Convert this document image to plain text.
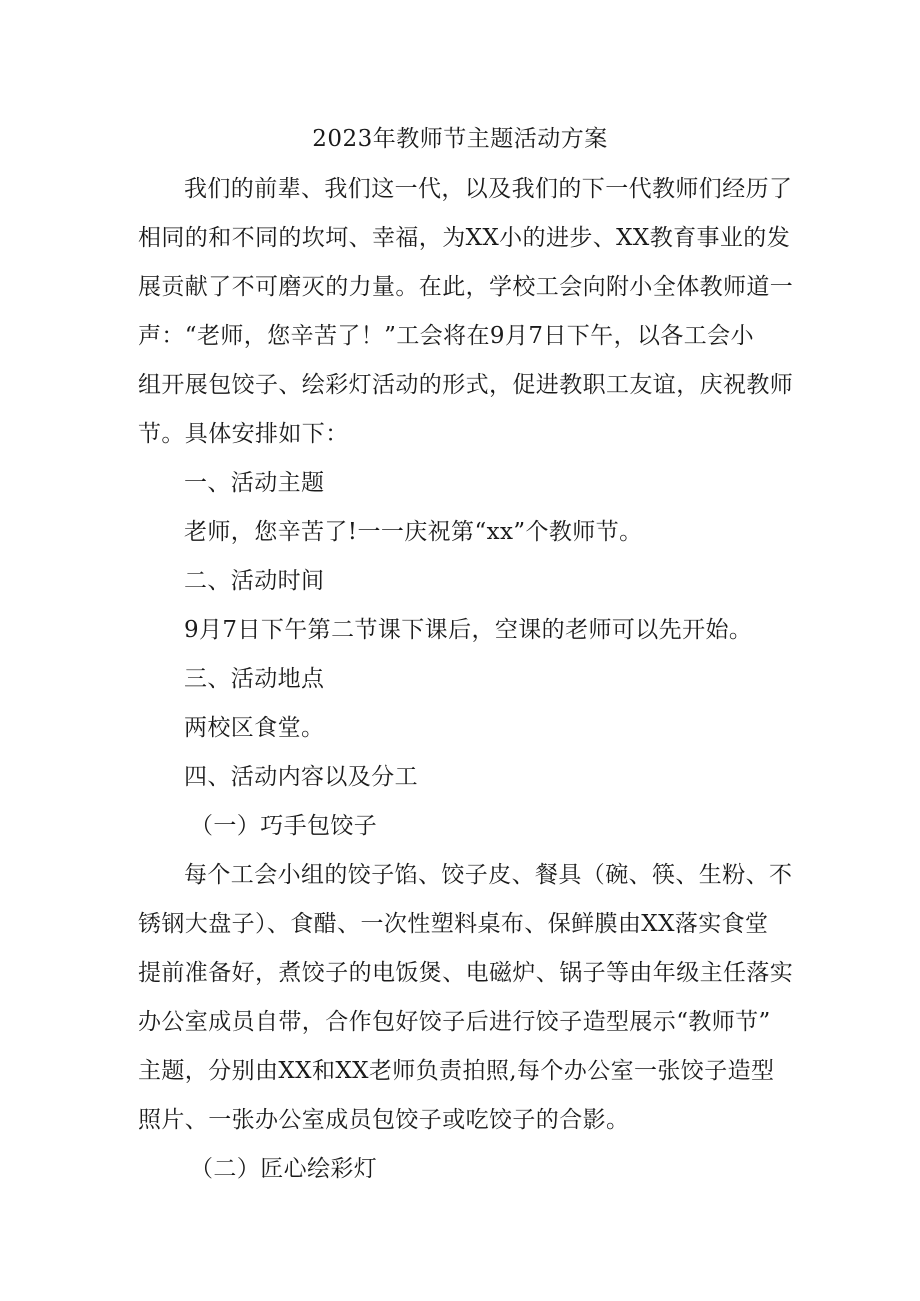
2023年教师节主题活动方案
我们的前辈、我们这一代，以及我们的下一代教师们经历了
相同的和不同的坎坷、幸福，为XX小的进步、XX教育事业的发
展贡献了不可磨灭的力量。在此，学校工会向附小全体教师道一
声：“老师，您辛苦了！”工会将在9月7日下午，以各工会小
组开展包饺子、绘彩灯活动的形式，促进教职工友谊，庆祝教师
节。具体安排如下：
一、活动主题
老师，您辛苦了!一一庆祝第“xx”个教师节。
二、活动时间
9月7日下午第二节课下课后，空课的老师可以先开始。
三、活动地点
两校区食堂。
四、活动内容以及分工
（一）巧手包饺子
每个工会小组的饺子馅、饺子皮、餐具（碗、筷、生粉、不
锈钢大盘子）、食醋、一次性塑料桌布、保鲜膜由XX落实食堂
提前准备好，煮饺子的电饭煲、电磁炉、锅子等由年级主任落实
办公室成员自带，合作包好饺子后进行饺子造型展示“教师节”
主题，分别由XX和XX老师负责拍照,每个办公室一张饺子造型
照片、一张办公室成员包饺子或吃饺子的合影。
（二）匠心绘彩灯
